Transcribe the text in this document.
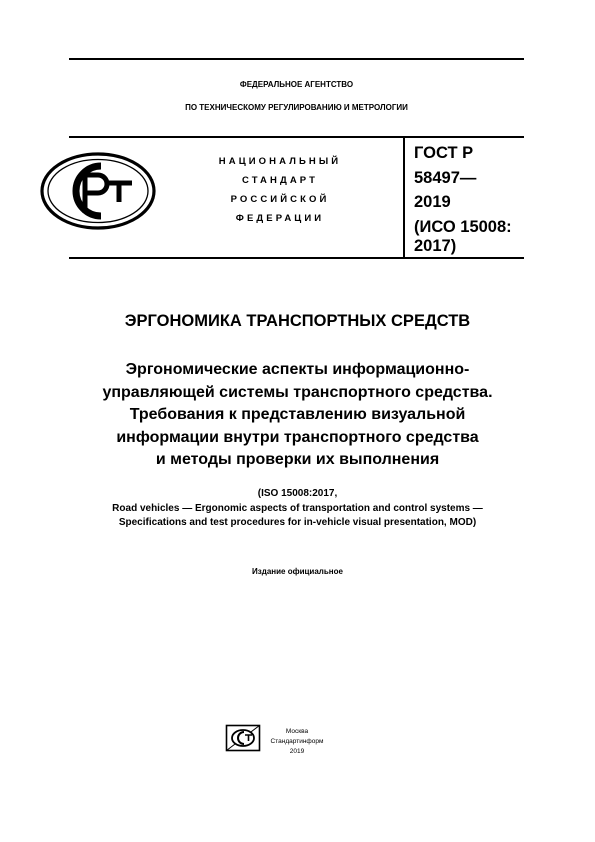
ФЕДЕРАЛЬНОЕ АГЕНТСТВО
ПО ТЕХНИЧЕСКОМУ РЕГУЛИРОВАНИЮ И МЕТРОЛОГИИ
НАЦИОНАЛЬНЫЙ
СТАНДАРТ
РОССИЙСКОЙ
ФЕДЕРАЦИИ
ГОСТ Р
58497—
2019
(ИСО 15008:
2017)
ЭРГОНОМИКА ТРАНСПОРТНЫХ СРЕДСТВ
Эргономические аспекты информационно-
управляющей системы транспортного средства.
Требования к представлению визуальной
информации внутри транспортного средства
и методы проверки их выполнения
(ISO 15008:2017,
Road vehicles — Ergonomic aspects of transportation and control systems —
Specifications and test procedures for in-vehicle visual presentation, MOD)
Издание официальное
Москва
Стандартинформ
2019
